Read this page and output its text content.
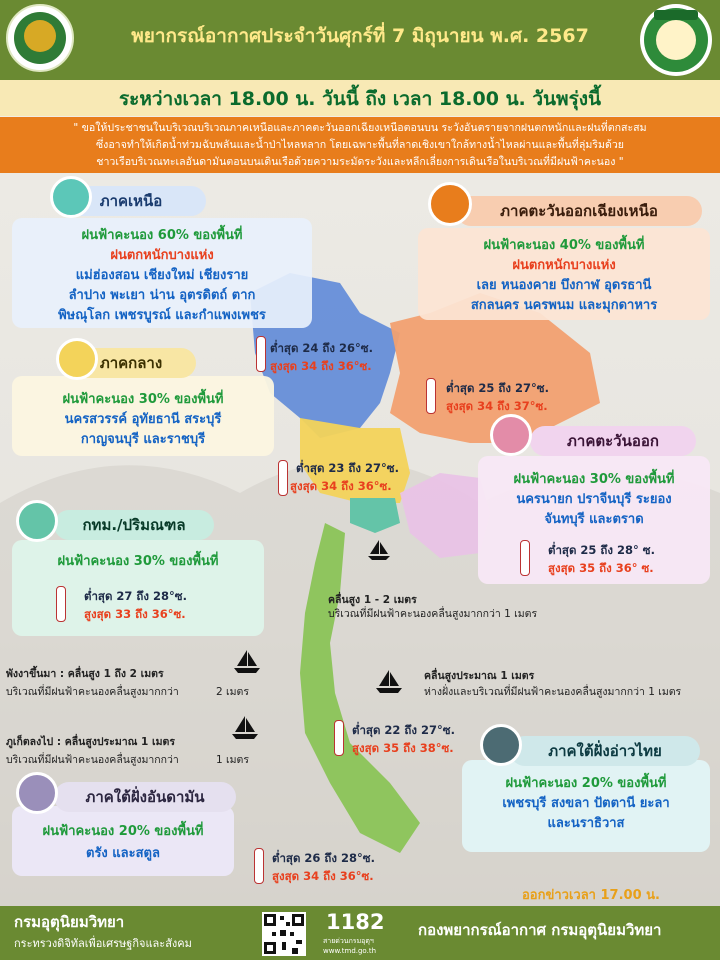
พยากรณ์อากาศประจำวันศุกร์ที่ 7 มิถุนายน พ.ศ. 2567
ระหว่างเวลา 18.00 น. วันนี้ ถึง เวลา 18.00 น. วันพรุ่งนี้
" ขอให้ประชาชนในบริเวณบริเวณภาคเหนือและภาคตะวันออกเฉียงเหนือตอนบน ระวังอันตรายจากฝนตกหนักและฝนที่ตกสะสม
ซึ่งอาจทำให้เกิดน้ำท่วมฉับพลันและน้ำป่าไหลหลาก โดยเฉพาะพื้นที่ลาดเชิงเขาใกล้ทางน้ำไหลผ่านและพื้นที่ลุ่มริมด้วย
ชาวเรือบริเวณทะเลอันดามันตอนบนเดินเรือด้วยความระมัดระวังและหลีกเลี่ยงการเดินเรือในบริเวณที่มีฝนฟ้าคะนอง "
ฝนฟ้าคะนอง 60% ของพื้นที่
ฝนตกหนักบางแห่ง
แม่ฮ่องสอน เชียงใหม่ เชียงราย
ลำปาง พะเยา น่าน อุตรดิตถ์ ตาก
พิษณุโลก เพชรบูรณ์ และกำแพงเพชร
ภาคเหนือ
ฝนฟ้าคะนอง 40% ของพื้นที่
ฝนตกหนักบางแห่ง
เลย หนองคาย บึงกาฬ อุดรธานี
สกลนคร นครพนม และมุกดาหาร
ภาคตะวันออกเฉียงเหนือ
ต่ำสุด 24 ถึง 26°ซ.
สูงสุด 34 ถึง 36°ซ.
ต่ำสุด 25 ถึง 27°ซ.
สูงสุด 34 ถึง 37°ซ.
ฝนฟ้าคะนอง 30% ของพื้นที่
นครสวรรค์ อุทัยธานี สระบุรี
กาญจนบุรี และราชบุรี
ภาคกลาง
ต่ำสุด 23 ถึง 27°ซ.
สูงสุด 34 ถึง 36°ซ.	ฝนฟ้าคะนอง 30% ของพื้นที่
นครนายก ปราจีนบุรี ระยอง
จันทบุรี และตราด
ต่ำสุด 25 ถึง 28° ซ.
สูงสุด 35 ถึง 36° ซ.
ภาคตะวันออก
ฝนฟ้าคะนอง 30% ของพื้นที่
ต่ำสุด 27 ถึง 28°ซ.
สูงสุด 33 ถึง 36°ซ.
กทม./ปริมณฑล
คลื่นสูง 1 - 2 เมตร
บริเวณที่มีฝนฟ้าคะนองคลื่นสูงมากกว่า 1 เมตร
พังงาขึ้นมา : คลื่นสูง 1 ถึง 2 เมตร
บริเวณที่มีฝนฟ้าคะนองคลื่นสูงมากกว่า	2 เมตร
คลื่นสูงประมาณ 1 เมตร
ห่างฝั่งและบริเวณที่มีฝนฟ้าคะนองคลื่นสูงมากกว่า 1 เมตร
ภูเก็ตลงไป : คลื่นสูงประมาณ 1 เมตร
บริเวณที่มีฝนฟ้าคะนองคลื่นสูงมากกว่า	1 เมตร
ต่ำสุด 22 ถึง 27°ซ.
สูงสุด 35 ถึง 38°ซ.
ฝนฟ้าคะนอง 20% ของพื้นที่
เพชรบุรี สงขลา ปัตตานี ยะลา
และนราธิวาส
ภาคใต้ฝั่งอ่าวไทย
ฝนฟ้าคะนอง 20% ของพื้นที่
ตรัง และสตูล
ภาคใต้ฝั่งอันดามัน
ต่ำสุด 26 ถึง 28°ซ.
สูงสุด 34 ถึง 36°ซ.
ออกข่าวเวลา 17.00 น.
กรมอุตุนิยมวิทยา
กระทรวงดิจิทัลเพื่อเศรษฐกิจและสังคม
1182
สายด่วนกรมอุตุฯ
www.tmd.go.th
กองพยากรณ์อากาศ กรมอุตุนิยมวิทยา
